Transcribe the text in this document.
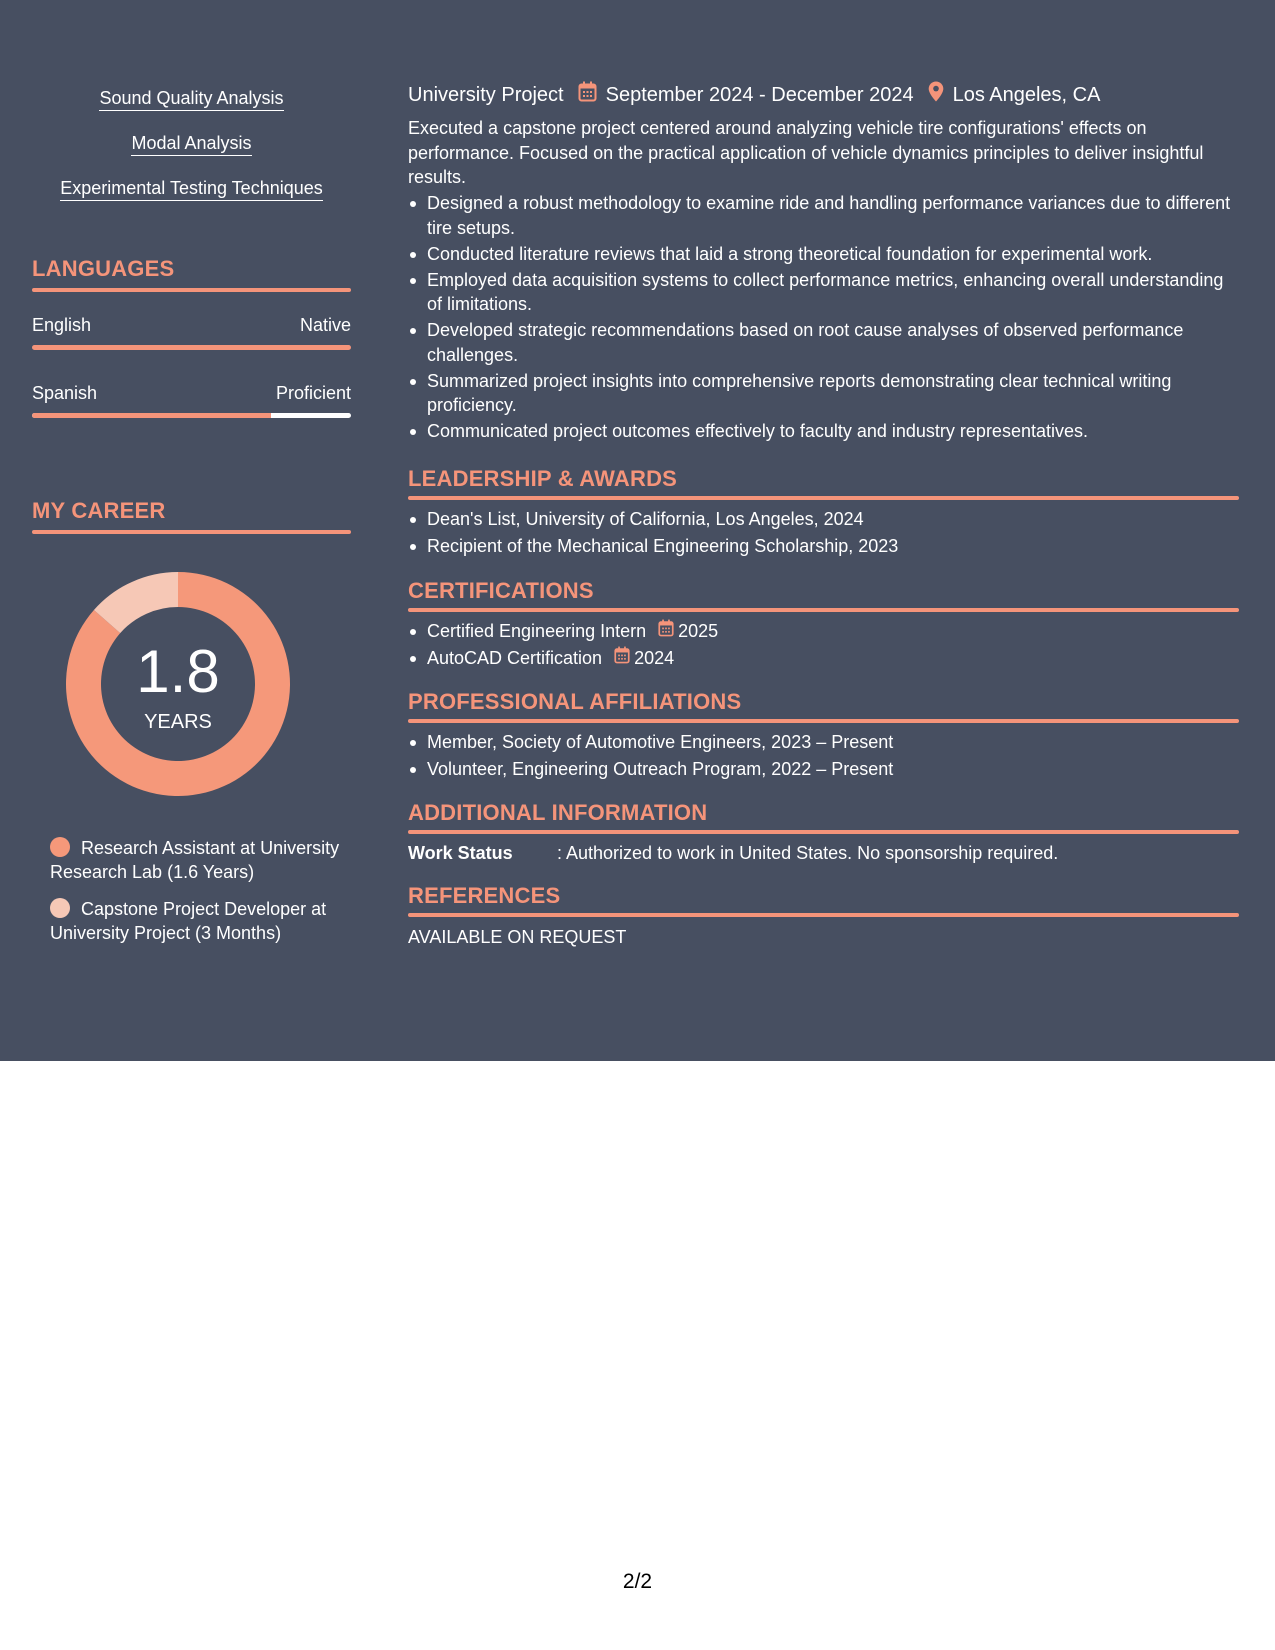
Sound Quality Analysis
Modal Analysis
Experimental Testing Techniques
LANGUAGES
English	Native
Spanish	Proficient
MY CAREER
1.8
YEARS
Research Assistant at University Research Lab (1.6 Years)
Capstone Project Developer at University Project (3 Months)
University Project September 2024 - December 2024 Los Angeles, CA
Executed a capstone project centered around analyzing vehicle tire configurations' effects on performance. Focused on the practical application of vehicle dynamics principles to deliver insightful results.
Designed a robust methodology to examine ride and handling performance variances due to different tire setups.
Conducted literature reviews that laid a strong theoretical foundation for experimental work.
Employed data acquisition systems to collect performance metrics, enhancing overall understanding of limitations.
Developed strategic recommendations based on root cause analyses of observed performance challenges.
Summarized project insights into comprehensive reports demonstrating clear technical writing proficiency.
Communicated project outcomes effectively to faculty and industry representatives.
LEADERSHIP & AWARDS
Dean's List, University of California, Los Angeles, 2024
Recipient of the Mechanical Engineering Scholarship, 2023
CERTIFICATIONS
Certified Engineering Intern 2025
AutoCAD Certification 2024
PROFESSIONAL AFFILIATIONS
Member, Society of Automotive Engineers, 2023 – Present
Volunteer, Engineering Outreach Program, 2022 – Present
ADDITIONAL INFORMATION
Work Status	: Authorized to work in United States. No sponsorship required.
REFERENCES
AVAILABLE ON REQUEST
2/2
